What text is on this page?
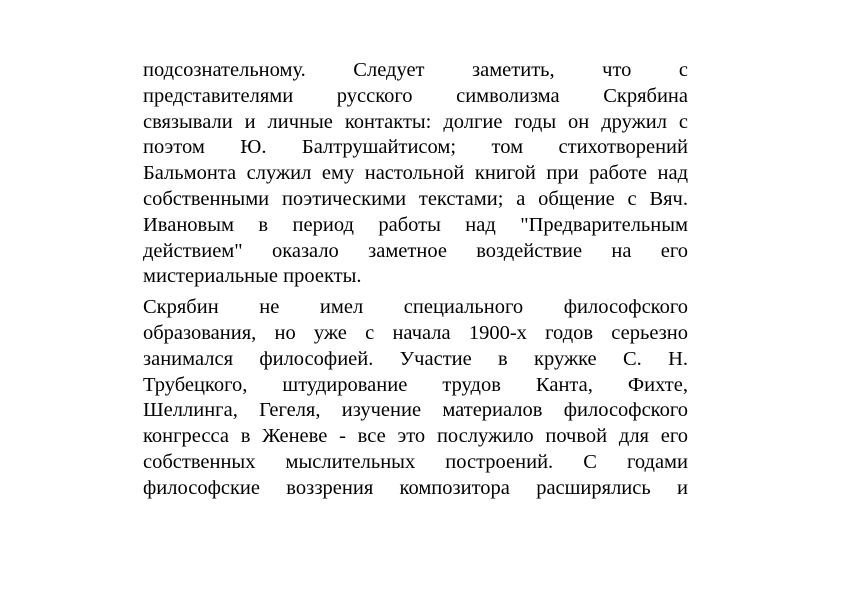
подсознательному. Следует заметить, что с
представителями русского символизма Скрябина
связывали и личные контакты: долгие годы он дружил с
поэтом Ю. Балтрушайтисом; том стихотворений
Бальмонта служил ему настольной книгой при работе над
собственными поэтическими текстами; а общение с Вяч.
Ивановым в период работы над "Предварительным
действием" оказало заметное воздействие на его
мистериальные проекты.

Скрябин не имел специального философского
образования, но уже с начала 1900-х годов серьезно
занимался философией. Участие в кружке С. Н.
Трубецкого, штудирование трудов Канта, Фихте,
Шеллинга, Гегеля, изучение материалов философского
конгресса в Женеве - все это послужило почвой для его
собственных мыслительных построений. С годами
философские воззрения композитора расширялись и
